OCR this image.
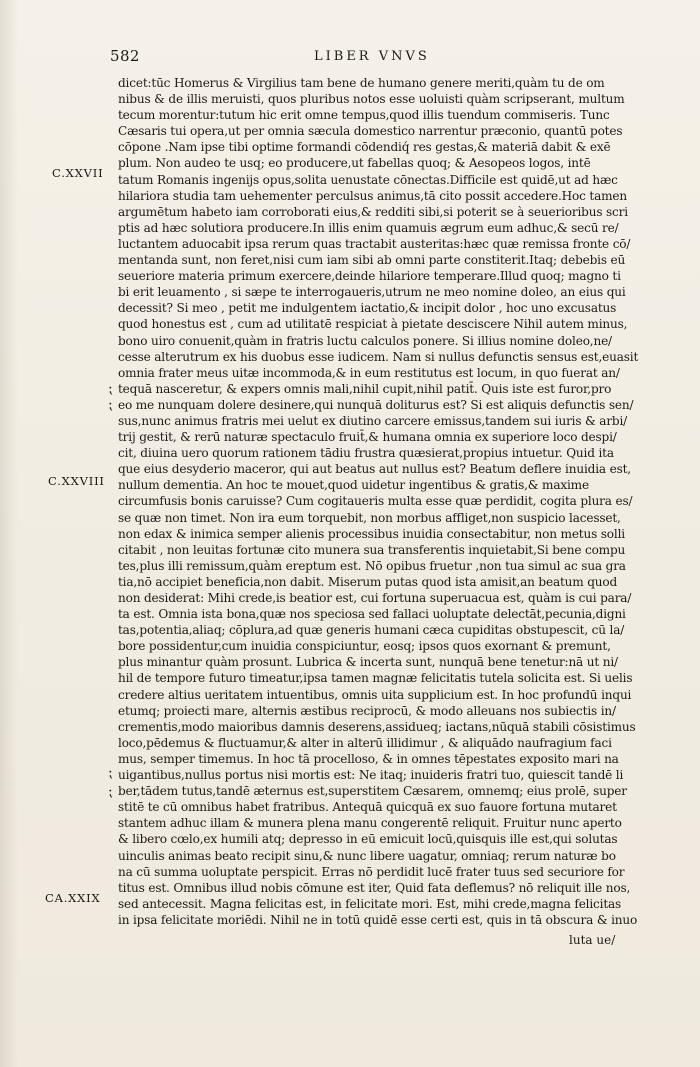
582	LIBER VNVS
C.XXVII
C.XXVIII
CA.XXIX
⁏
⁏
⁏
⁏
dicet:tūc Homerus & Virgilius tam bene de humano genere meriti,quàm tu de om
nibus & de illis meruisti, quos pluribus notos esse uoluisti quàm scripserant, multum
tecum morentur:tutum hic erit omne tempus,quod illis tuendum commiseris. Tunc
Cæsaris tui opera,ut per omnia sæcula domestico narrentur præconio, quantū potes
cōpone .Nam ipse tibi optime formandi cōdendiq́ res gestas,& materiā dabit & exē
plum. Non audeo te usq; eo producere,ut fabellas quoq; & Aesopeos logos, intē
tatum Romanis ingenijs opus,solita uenustate cōnectas.Difficile est quidē,ut ad hæc
hilariora studia tam uehementer perculsus animus,tā cito possit accedere.Hoc tamen
argumētum habeto iam corroborati eius,& redditi sibi,si poterit se à seuerioribus scri
ptis ad hæc solutiora producere.In illis enim quamuis ægrum eum adhuc,& secū re/
luctantem aduocabit ipsa rerum quas tractabit austeritas:hæc quæ remissa fronte cō/
mentanda sunt, non feret,nisi cum iam sibi ab omni parte constiterit.Itaq; debebis eū
seueriore materia primum exercere,deinde hilariore temperare.Illud quoq; magno ti
bi erit leuamento , si sæpe te interrogaueris,utrum ne meo nomine doleo, an eius qui
decessit? Si meo , petit me indulgentem iactatio,& incipit dolor , hoc uno excusatus
quod honestus est , cum ad utilitatē respiciat à pietate desciscere Nihil autem minus,
bono uiro conuenit,quàm in fratris luctu calculos ponere. Si illius nomine doleo,ne/
cesse alterutrum ex his duobus esse iudicem. Nam si nullus defunctis sensus est,euasit
omnia frater meus uitæ incommoda,& in eum restitutus est locum, in quo fuerat an/
tequā nasceretur, & expers omnis mali,nihil cupit,nihil patit̄. Quis iste est furor,pro
eo me nunquam dolere desinere,qui nunquā doliturus est? Si est aliquis defunctis sen/
sus,nunc animus fratris mei uelut ex diutino carcere emissus,tandem sui iuris & arbi/
trij gestit, & rerū naturæ spectaculo fruit̄,& humana omnia ex superiore loco despi/
cit, diuina uero quorum rationem tādiu frustra quæsierat,propius intuetur. Quid ita
que eius desyderio maceror, qui aut beatus aut nullus est? Beatum deflere inuidia est,
nullum dementia. An hoc te mouet,quod uidetur ingentibus & gratis,& maxime
circumfusis bonis caruisse? Cum cogitaueris multa esse quæ perdidit, cogita plura es/
se quæ non timet. Non ira eum torquebit, non morbus affliget,non suspicio lacesset,
non edax & inimica semper alienis processibus inuidia consectabitur, non metus solli
citabit , non leuitas fortunæ cito munera sua transferentis inquietabit,Si bene compu
tes,plus illi remissum,quàm ereptum est. Nō opibus fruetur ,non tua simul ac sua gra
tia,nō accipiet beneficia,non dabit. Miserum putas quod ista amisit,an beatum quod
non desiderat: Mihi crede,is beatior est, cui fortuna superuacua est, quàm is cui para/
ta est. Omnia ista bona,quæ nos speciosa sed fallaci uoluptate delectāt,pecunia,digni
tas,potentia,aliaq; cōplura,ad quæ generis humani cæca cupiditas obstupescit, cū la/
bore possidentur,cum inuidia conspiciuntur, eosq; ipsos quos exornant & premunt,
plus minantur quàm prosunt. Lubrica & incerta sunt, nunquā bene tenetur:nā ut ni/
hil de tempore futuro timeatur,ipsa tamen magnæ felicitatis tutela solicita est. Si uelis
credere altius ueritatem intuentibus, omnis uita supplicium est. In hoc profundū inqui
etumq; proiecti mare, alternis æstibus reciprocū, & modo alleuans nos subiectis in/
crementis,modo maioribus damnis deserens,assidueq; iactans,nūquā stabili cōsistimus
loco,pēdemus & fluctuamur,& alter in alterū illidimur , & aliquādo naufragium faci
mus, semper timemus. In hoc tā procelloso, & in omnes tēpestates exposito mari na
uigantibus,nullus portus nisi mortis est: Ne itaq; inuideris fratri tuo, quiescit tandē li
ber,tādem tutus,tandē æternus est,superstitem Cæsarem, omnemq; eius prolē, super
stitē te cū omnibus habet fratribus. Antequā quicquā ex suo fauore fortuna mutaret
stantem adhuc illam & munera plena manu congerentē reliquit. Fruitur nunc aperto
& libero cœlo,ex humili atq; depresso in eū emicuit locū,quisquis ille est,qui solutas
uinculis animas beato recipit sinu,& nunc libere uagatur, omniaq; rerum naturæ bo
na cū summa uoluptate perspicit. Erras nō perdidit lucē frater tuus sed securiore for
titus est. Omnibus illud nobis cōmune est iter, Quid fata deflemus? nō reliquit ille nos,
sed antecessit. Magna felicitas est, in felicitate mori. Est, mihi crede,magna felicitas
in ipsa felicitate moriēdi. Nihil ne in totū quidē esse certi est, quis in tā obscura & inuo
luta ue/
